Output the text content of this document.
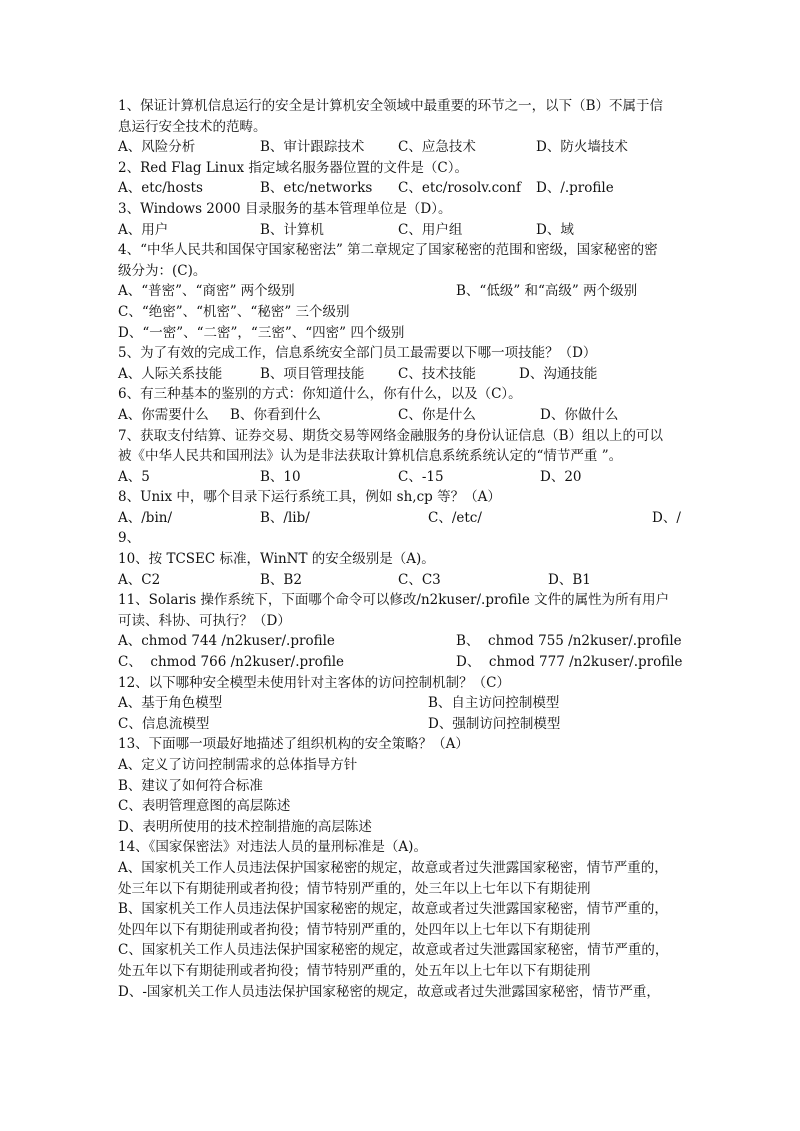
1、保证计算机信息运行的安全是计算机安全领域中最重要的环节之一，以下（B）不属于信
息运行安全技术的范畴。

A、风险分析

	B、审计跟踪技术

C、应急技术

	D、防火墙技术

2、Red Flag Linux 指定域名服务器位置的文件是（C）。

A、etc/hosts

	B、etc/networks

C、etc/rosolv.conf

D、/.profile

3、Windows 2000 目录服务的基本管理单位是（D）。

A、用户

	B、计算机

	C、用户组

	D、域

4、“中华人民共和国保守国家秘密法” 第二章规定了国家秘密的范围和密级，国家秘密的密
级分为：(C)。

A、“普密”、“商密” 两个级别

	B、“低级” 和“高级” 两个级别

C、“绝密”、“机密”、“秘密” 三个级别
D、“一密”、“二密”，“三密”、“四密” 四个级别
5、为了有效的完成工作，信息系统安全部门员工最需要以下哪一项技能？（D）

A、人际关系技能

	B、项目管理技能

C、技术技能

	D、沟通技能

6、有三种基本的鉴别的方式：你知道什么，你有什么，以及（C）。

A、你需要什么

B、你看到什么

	C、你是什么

	D、你做什么

7、获取支付结算、证券交易、期货交易等网络金融服务的身份认证信息（B）组以上的可以
被《中华人民共和国刑法》认为是非法获取计算机信息系统系统认定的“情节严重 ”。

A、5

	B、10

	C、-15

	D、20

8、Unix 中，哪个目录下运行系统工具，例如 sh,cp 等？（A）

A、/bin/

	B、/lib/

	C、/etc/

	D、/

9、
10、按 TCSEC 标准，WinNT 的安全级别是（A)。

A、C2

	B、B2

	C、C3

	D、B1

11、Solaris 操作系统下，下面哪个命令可以修改/n2kuser/.profile 文件的属性为所有用户
可读、科协、可执行？（D）

A、chmod 744 /n2kuser/.profile

	B、  chmod 755 /n2kuser/.profile

C、  chmod 766 /n2kuser/.profile

	D、  chmod 777 /n2kuser/.profile

12、以下哪种安全模型未使用针对主客体的访问控制机制？（C）

A、基于角色模型

	B、自主访问控制模型

C、信息流模型

	D、强制访问控制模型

13、下面哪一项最好地描述了组织机构的安全策略？（A）
A、定义了访问控制需求的总体指导方针
B、建议了如何符合标准
C、表明管理意图的高层陈述
D、表明所使用的技术控制措施的高层陈述
14、《国家保密法》对违法人员的量刑标准是（A)。
A、国家机关工作人员违法保护国家秘密的规定，故意或者过失泄露国家秘密，情节严重的，
处三年以下有期徒刑或者拘役；情节特别严重的，处三年以上七年以下有期徒刑
B、国家机关工作人员违法保护国家秘密的规定，故意或者过失泄露国家秘密，情节严重的，
处四年以下有期徒刑或者拘役；情节特别严重的，处四年以上七年以下有期徒刑
C、国家机关工作人员违法保护国家秘密的规定，故意或者过失泄露国家秘密，情节严重的，
处五年以下有期徒刑或者拘役；情节特别严重的，处五年以上七年以下有期徒刑
D、-国家机关工作人员违法保护国家秘密的规定，故意或者过失泄露国家秘密，情节严重，
